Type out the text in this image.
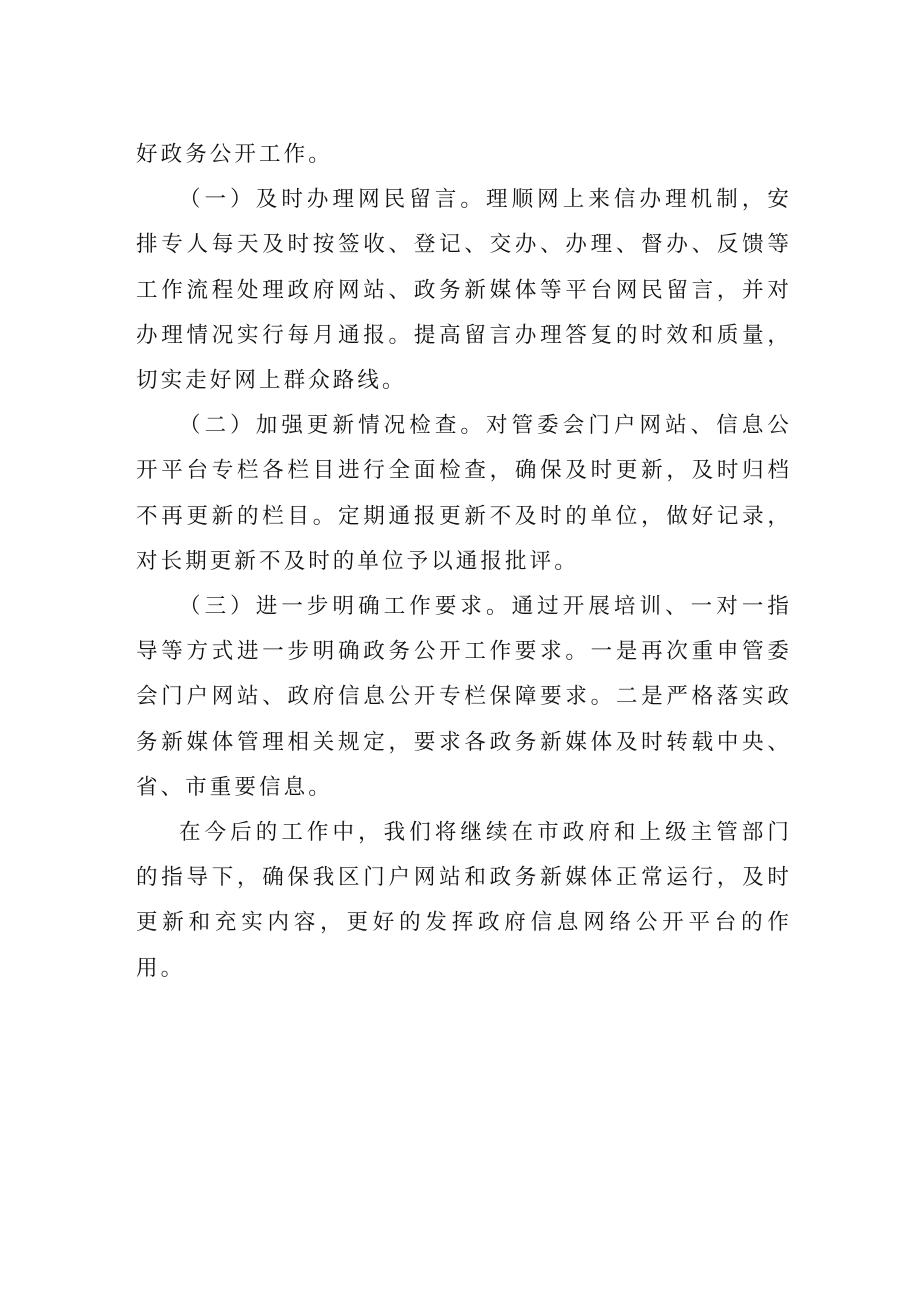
好政务公开工作。

（一）及时办理网民留言。理顺网上来信办理机制，安排专人每天及时按签收、登记、交办、办理、督办、反馈等工作流程处理政府网站、政务新媒体等平台网民留言，并对办理情况实行每月通报。提高留言办理答复的时效和质量，切实走好网上群众路线。

（二）加强更新情况检查。对管委会门户网站、信息公开平台专栏各栏目进行全面检查，确保及时更新，及时归档不再更新的栏目。定期通报更新不及时的单位，做好记录，对长期更新不及时的单位予以通报批评。

（三）进一步明确工作要求。通过开展培训、一对一指导等方式进一步明确政务公开工作要求。一是再次重申管委会门户网站、政府信息公开专栏保障要求。二是严格落实政务新媒体管理相关规定，要求各政务新媒体及时转载中央、省、市重要信息。

在今后的工作中，我们将继续在市政府和上级主管部门的指导下，确保我区门户网站和政务新媒体正常运行，及时更新和充实内容，更好的发挥政府信息网络公开平台的作用。
